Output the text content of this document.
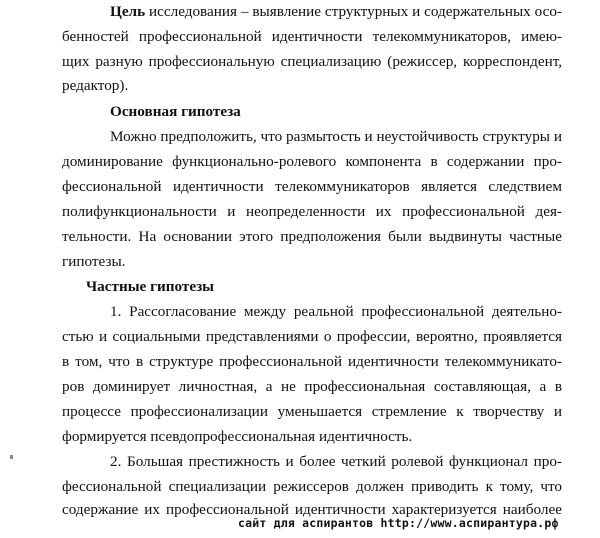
Цель исследования – выявление структурных и содержательных осо-
бенностей профессиональной идентичности телекоммуникаторов, имею-
щих разную профессиональную специализацию (режиссер, корреспондент,
редактор).
Основная гипотеза
Можно предположить, что размытость и неустойчивость структуры и
доминирование функционально-ролевого компонента в содержании про-
фессиональной идентичности телекоммуникаторов является следствием
полифункциональности и неопределенности их профессиональной дея-
тельности. На основании этого предположения были выдвинуты частные
гипотезы.
Частные гипотезы
1. Рассогласование между реальной профессиональной деятельно-
стью и социальными представлениями о профессии, вероятно, проявляется
в том, что в структуре профессиональной идентичности телекоммуникато-
ров доминирует личностная, а не профессиональная составляющая, а в
процессе профессионализации уменьшается стремление к творчеству и
формируется псевдопрофессиональная идентичность.
2. Большая престижность и более четкий ролевой функционал про-
фессиональной специализации режиссеров должен приводить к тому, что
содержание их профессиональной идентичности характеризуется наиболее
сайт для аспирантов http://www.аспирантура.рф
